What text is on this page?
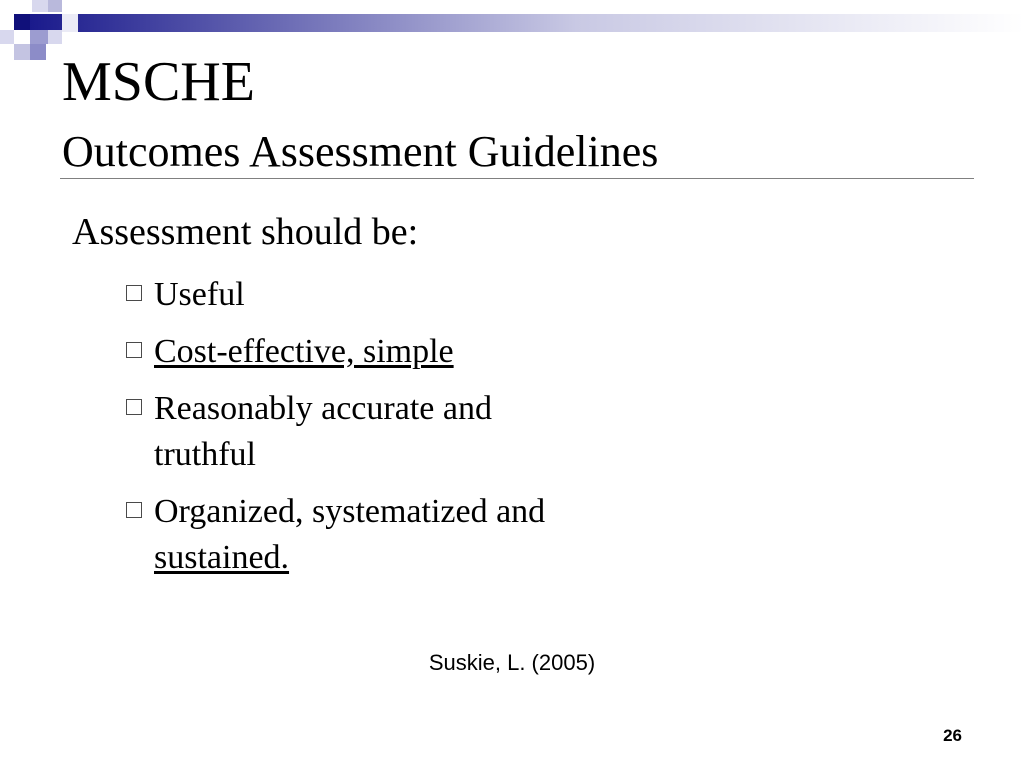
MSCHE
Outcomes Assessment Guidelines
Assessment should be:
Useful
Cost-effective, simple
Reasonably accurate and
truthful
Organized, systematized and
sustained.
Suskie, L. (2005)
26
